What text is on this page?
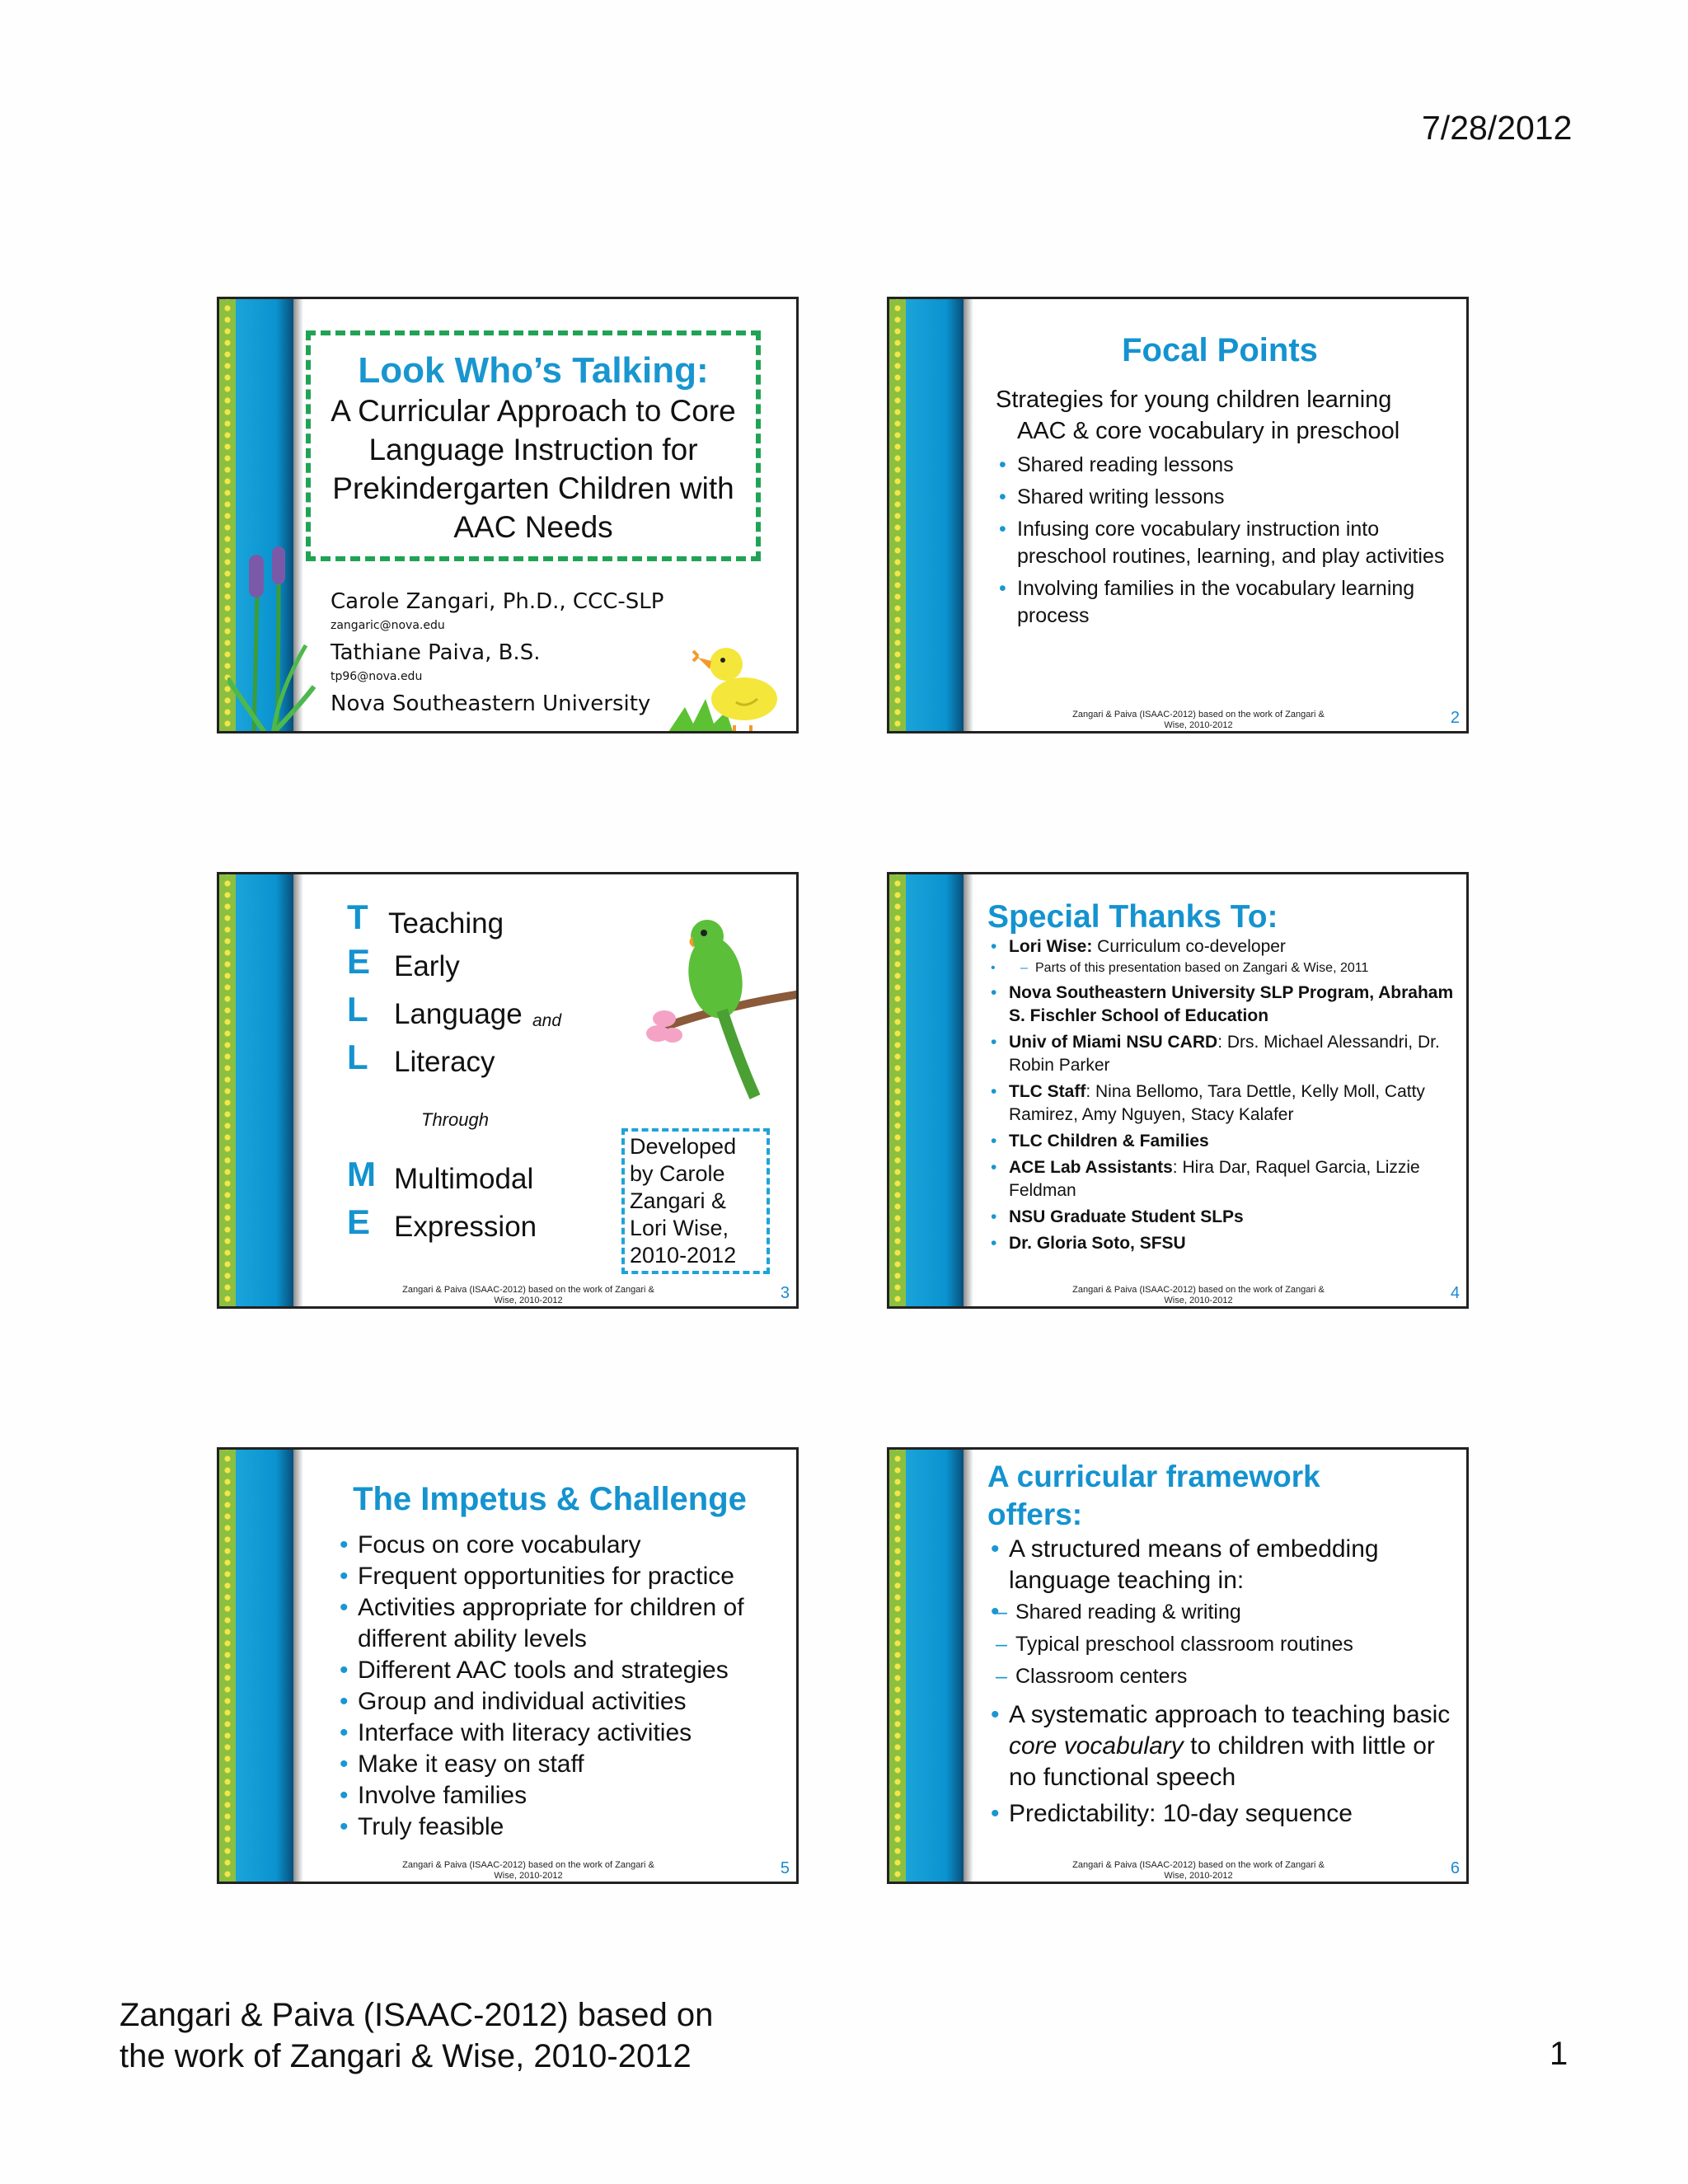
7/28/2012
Look Who’s Talking:
A Curricular Approach to Core
Language Instruction for
Prekindergarten Children with
AAC Needs
Carole Zangari, Ph.D., CCC-SLP
zangaric@nova.edu
Tathiane Paiva, B.S.
tp96@nova.edu
Nova Southeastern University
Focal Points
Strategies for young children learning
AAC & core vocabulary in preschool
• Shared reading lessons
• Shared writing lessons
• Infusing core vocabulary instruction into preschool routines, learning, and play activities
• Involving families in the vocabulary learning process
Zangari & Paiva (ISAAC-2012) based on the work of Zangari &
Wise, 2010-2012	2
T Teaching
E Early
L Language and
L Literacy
Through
M Multimodal
E Expression
Developed
by Carole
Zangari &
Lori Wise,
2010-2012
Zangari & Paiva (ISAAC-2012) based on the work of Zangari &
Wise, 2010-2012	3
Special Thanks To:
• Lori Wise: Curriculum co-developer
• – Parts of this presentation based on Zangari & Wise, 2011
• Nova Southeastern University SLP Program, Abraham S. Fischler School of Education
• Univ of Miami NSU CARD: Drs. Michael Alessandri, Dr. Robin Parker
• TLC Staff: Nina Bellomo, Tara Dettle, Kelly Moll, Catty Ramirez, Amy Nguyen, Stacy Kalafer
• TLC Children & Families
• ACE Lab Assistants: Hira Dar, Raquel Garcia, Lizzie Feldman
• NSU Graduate Student SLPs
• Dr. Gloria Soto, SFSU
Zangari & Paiva (ISAAC-2012) based on the work of Zangari &
Wise, 2010-2012	4
The Impetus & Challenge
• Focus on core vocabulary
• Frequent opportunities for practice
• Activities appropriate for children of different ability levels
• Different AAC tools and strategies
• Group and individual activities
• Interface with literacy activities
• Make it easy on staff
• Involve families
• Truly feasible
Zangari & Paiva (ISAAC-2012) based on the work of Zangari &
Wise, 2010-2012	5
A curricular framework
offers:
• A structured means of embedding language teaching in:
• – Shared reading & writing
– Typical preschool classroom routines
– Classroom centers
• A systematic approach to teaching basic core vocabulary to children with little or no functional speech
• Predictability: 10-day sequence
Zangari & Paiva (ISAAC-2012) based on the work of Zangari &
Wise, 2010-2012	6
Zangari & Paiva (ISAAC-2012) based on
the work of Zangari & Wise, 2010-2012	1
